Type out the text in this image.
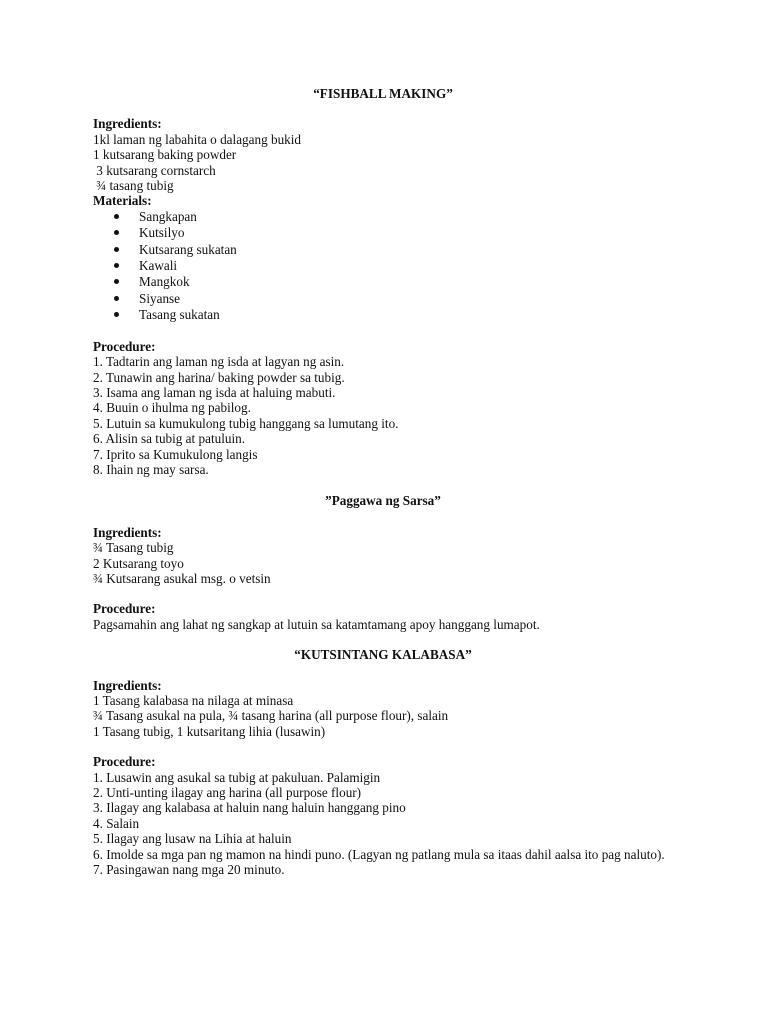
“FISHBALL MAKING”

Ingredients:

1kl laman ng labahita o dalagang bukid

1 kutsarang baking powder

3 kutsarang cornstarch

¾ tasang tubig

Materials:

Sangkapan
Kutsilyo
Kutsarang sukatan
Kawali
Mangkok
Siyanse
Tasang sukatan

Procedure:

1. Tadtarin ang laman ng isda at lagyan ng asin.

2. Tunawin ang harina/ baking powder sa tubig.

3. Isama ang laman ng isda at haluing mabuti.

4. Buuin o ihulma ng pabilog.

5. Lutuin sa kumukulong tubig hanggang sa lumutang ito.

6. Alisin sa tubig at patuluin.

7. Iprito sa Kumukulong langis

8. Ihain ng may sarsa.

”Paggawa ng Sarsa”

Ingredients:

¾ Tasang tubig

2 Kutsarang toyo

¾ Kutsarang asukal msg. o vetsin

Procedure:

Pagsamahin ang lahat ng sangkap at lutuin sa katamtamang apoy hanggang lumapot.

“KUTSINTANG KALABASA”

Ingredients:

1 Tasang kalabasa na nilaga at minasa

¾ Tasang asukal na pula, ¾ tasang harina (all purpose flour), salain

1 Tasang tubig, 1 kutsaritang lihia (lusawin)

Procedure:

1. Lusawin ang asukal sa tubig at pakuluan. Palamigin

2. Unti-unting ilagay ang harina (all purpose flour)

3. Ilagay ang kalabasa at haluin nang haluin hanggang pino

4. Salain

5. Ilagay ang lusaw na Lihia at haluin

6. Imolde sa mga pan ng mamon na hindi puno. (Lagyan ng patlang mula sa itaas dahil aalsa ito pag naluto).

7. Pasingawan nang mga 20 minuto.
